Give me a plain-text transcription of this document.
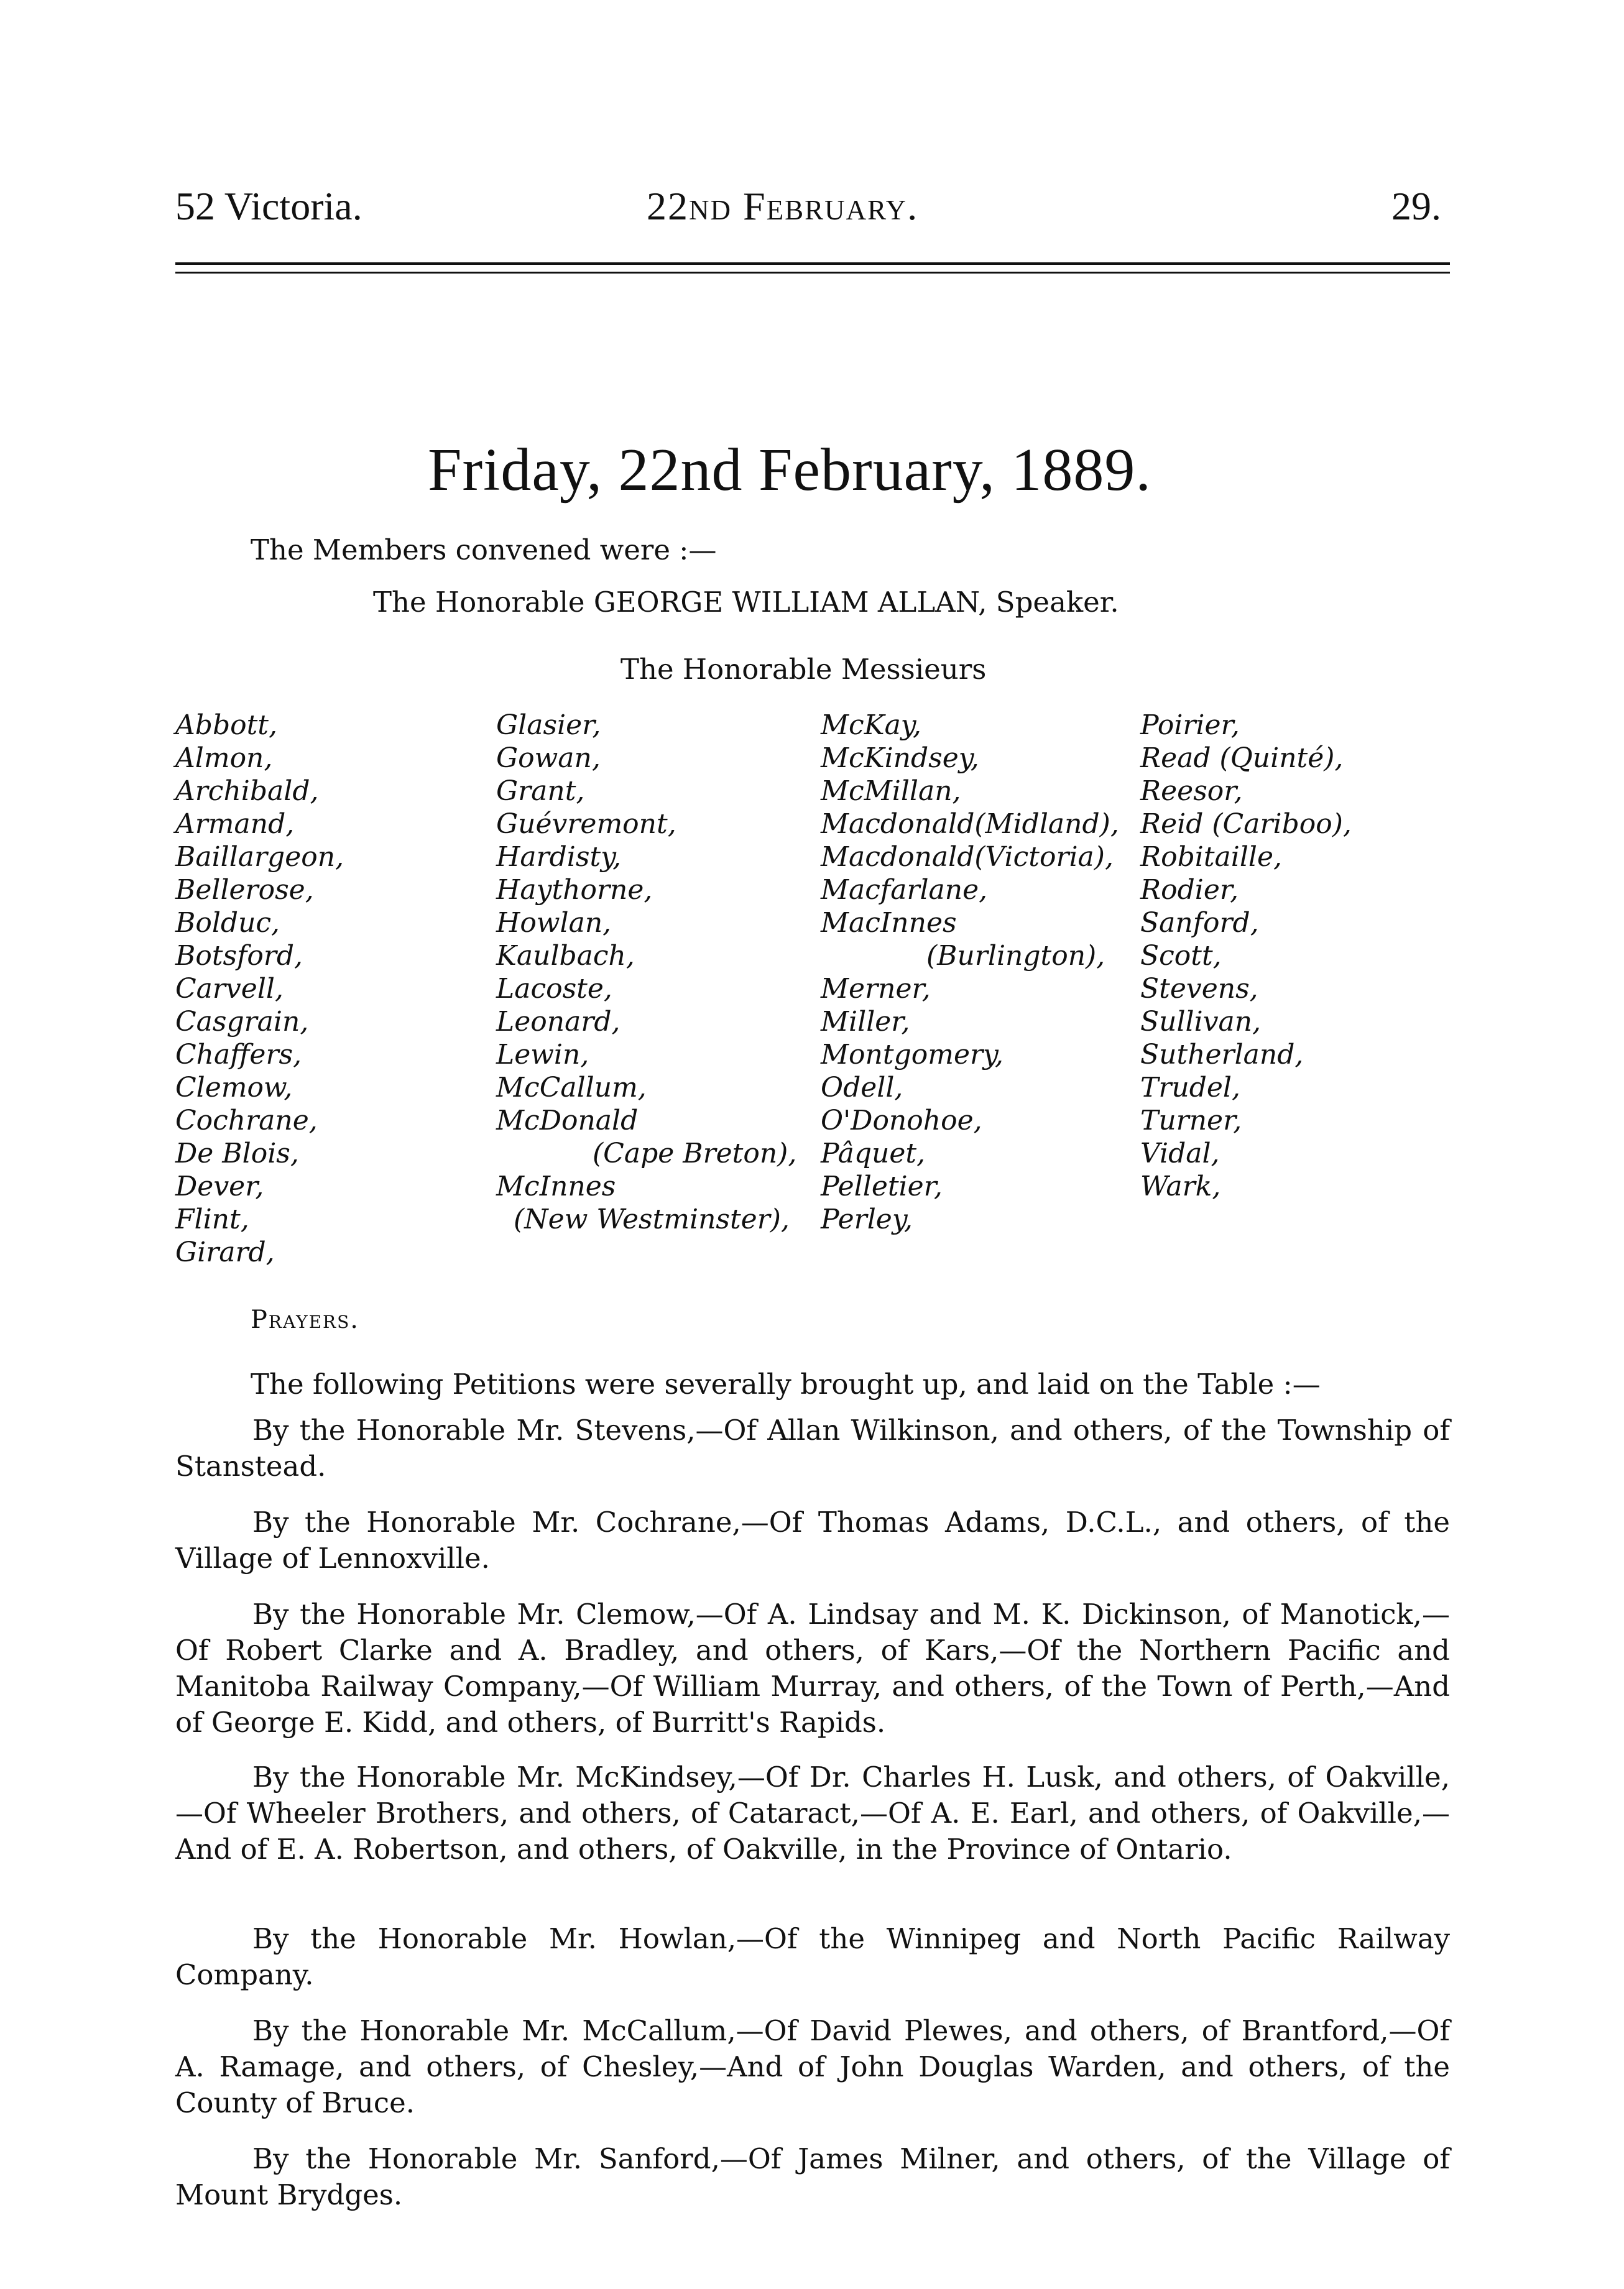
52 Victoria.	22nd February.	29.
Friday, 22nd February, 1889.
The Members convened were :—
The Honorable GEORGE WILLIAM ALLAN, Speaker.
The Honorable Messieurs
Abbott,
Almon,
Archibald,
Armand,
Baillargeon,
Bellerose,
Bolduc,
Botsford,
Carvell,
Casgrain,
Chaffers,
Clemow,
Cochrane,
De Blois,
Dever,
Flint,
Girard,
Glasier,
Gowan,
Grant,
Guévremont,
Hardisty,
Haythorne,
Howlan,
Kaulbach,
Lacoste,
Leonard,
Lewin,
McCallum,
McDonald
(Cape Breton),
McInnes
(New Westminster),
McKay,
McKindsey,
McMillan,
Macdonald(Midland),
Macdonald(Victoria),
Macfarlane,
MacInnes
(Burlington),
Merner,
Miller,
Montgomery,
Odell,
O'Donohoe,
Pâquet,
Pelletier,
Perley,
Poirier,
Read (Quinté),
Reesor,
Reid (Cariboo),
Robitaille,
Rodier,
Sanford,
Scott,
Stevens,
Sullivan,
Sutherland,
Trudel,
Turner,
Vidal,
Wark,
Prayers.
The following Petitions were severally brought up, and laid on the Table :—
By the Honorable Mr. Stevens,—Of Allan Wilkinson, and others, of the Township of Stanstead.
By the Honorable Mr. Cochrane,—Of Thomas Adams, D.C.L., and others, of the Village of Lennoxville.
By the Honorable Mr. Clemow,—Of A. Lindsay and M. K. Dickinson, of Manotick,—Of Robert Clarke and A. Bradley, and others, of Kars,—Of the Northern Pacific and Manitoba Railway Company,—Of William Murray, and others, of the Town of Perth,—And of George E. Kidd, and others, of Burritt's Rapids.
By the Honorable Mr. McKindsey,—Of Dr. Charles H. Lusk, and others, of Oakville,—Of Wheeler Brothers, and others, of Cataract,—Of A. E. Earl, and others, of Oakville,—And of E. A. Robertson, and others, of Oakville, in the Province of Ontario.
By the Honorable Mr. Howlan,—Of the Winnipeg and North Pacific Railway Company.
By the Honorable Mr. McCallum,—Of David Plewes, and others, of Brantford,—Of A. Ramage, and others, of Chesley,—And of John Douglas Warden, and others, of the County of Bruce.
By the Honorable Mr. Sanford,—Of James Milner, and others, of the Village of Mount Brydges.
